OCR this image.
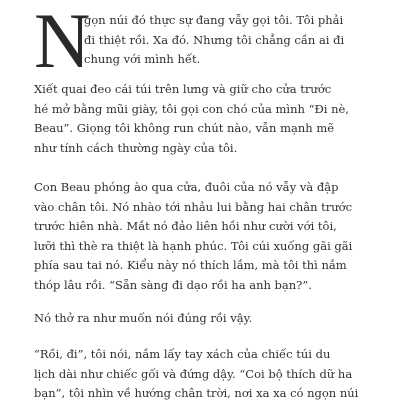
N

gọn núi đó thực sự đang vẫy gọi tôi. Tôi phải
đi thiệt rồi. Xa đó. Nhưng tôi chẳng cần ai đi
chung với mình hết.

Xiết quai đeo cái túi trên lưng và giữ cho cửa trước
hé mở bằng mũi giày, tôi gọi con chó của mình “Đi nè,
Beau”. Giọng tôi không run chút nào, vẫn mạnh mẽ
như tính cách thường ngày của tôi.

Con Beau phóng ào qua cửa, đuôi của nó vẫy và đập
vào chân tôi. Nó nhào tới nhảu lui bằng hai chân trước
trước hiên nhà. Mắt nó đảo liên hồi như cười với tôi,
lưỡi thì thè ra thiệt là hạnh phúc. Tôi cúi xuống gãi gãi
phía sau tai nó. Kiểu này nó thích lắm, mà tôi thì nắm
thóp lâu rồi. “Sẵn sàng đi dạo rồi ha anh bạn?”.

Nó thở ra như muốn nói đúng rồi vậy.

“Rồi, đi”, tôi nói, nắm lấy tay xách của chiếc túi du
lịch dài như chiếc gối và đứng dậy. “Coi bộ thích dữ ha
bạn”, tôi nhìn về hướng chân trời, nơi xa xa có ngọn núi
